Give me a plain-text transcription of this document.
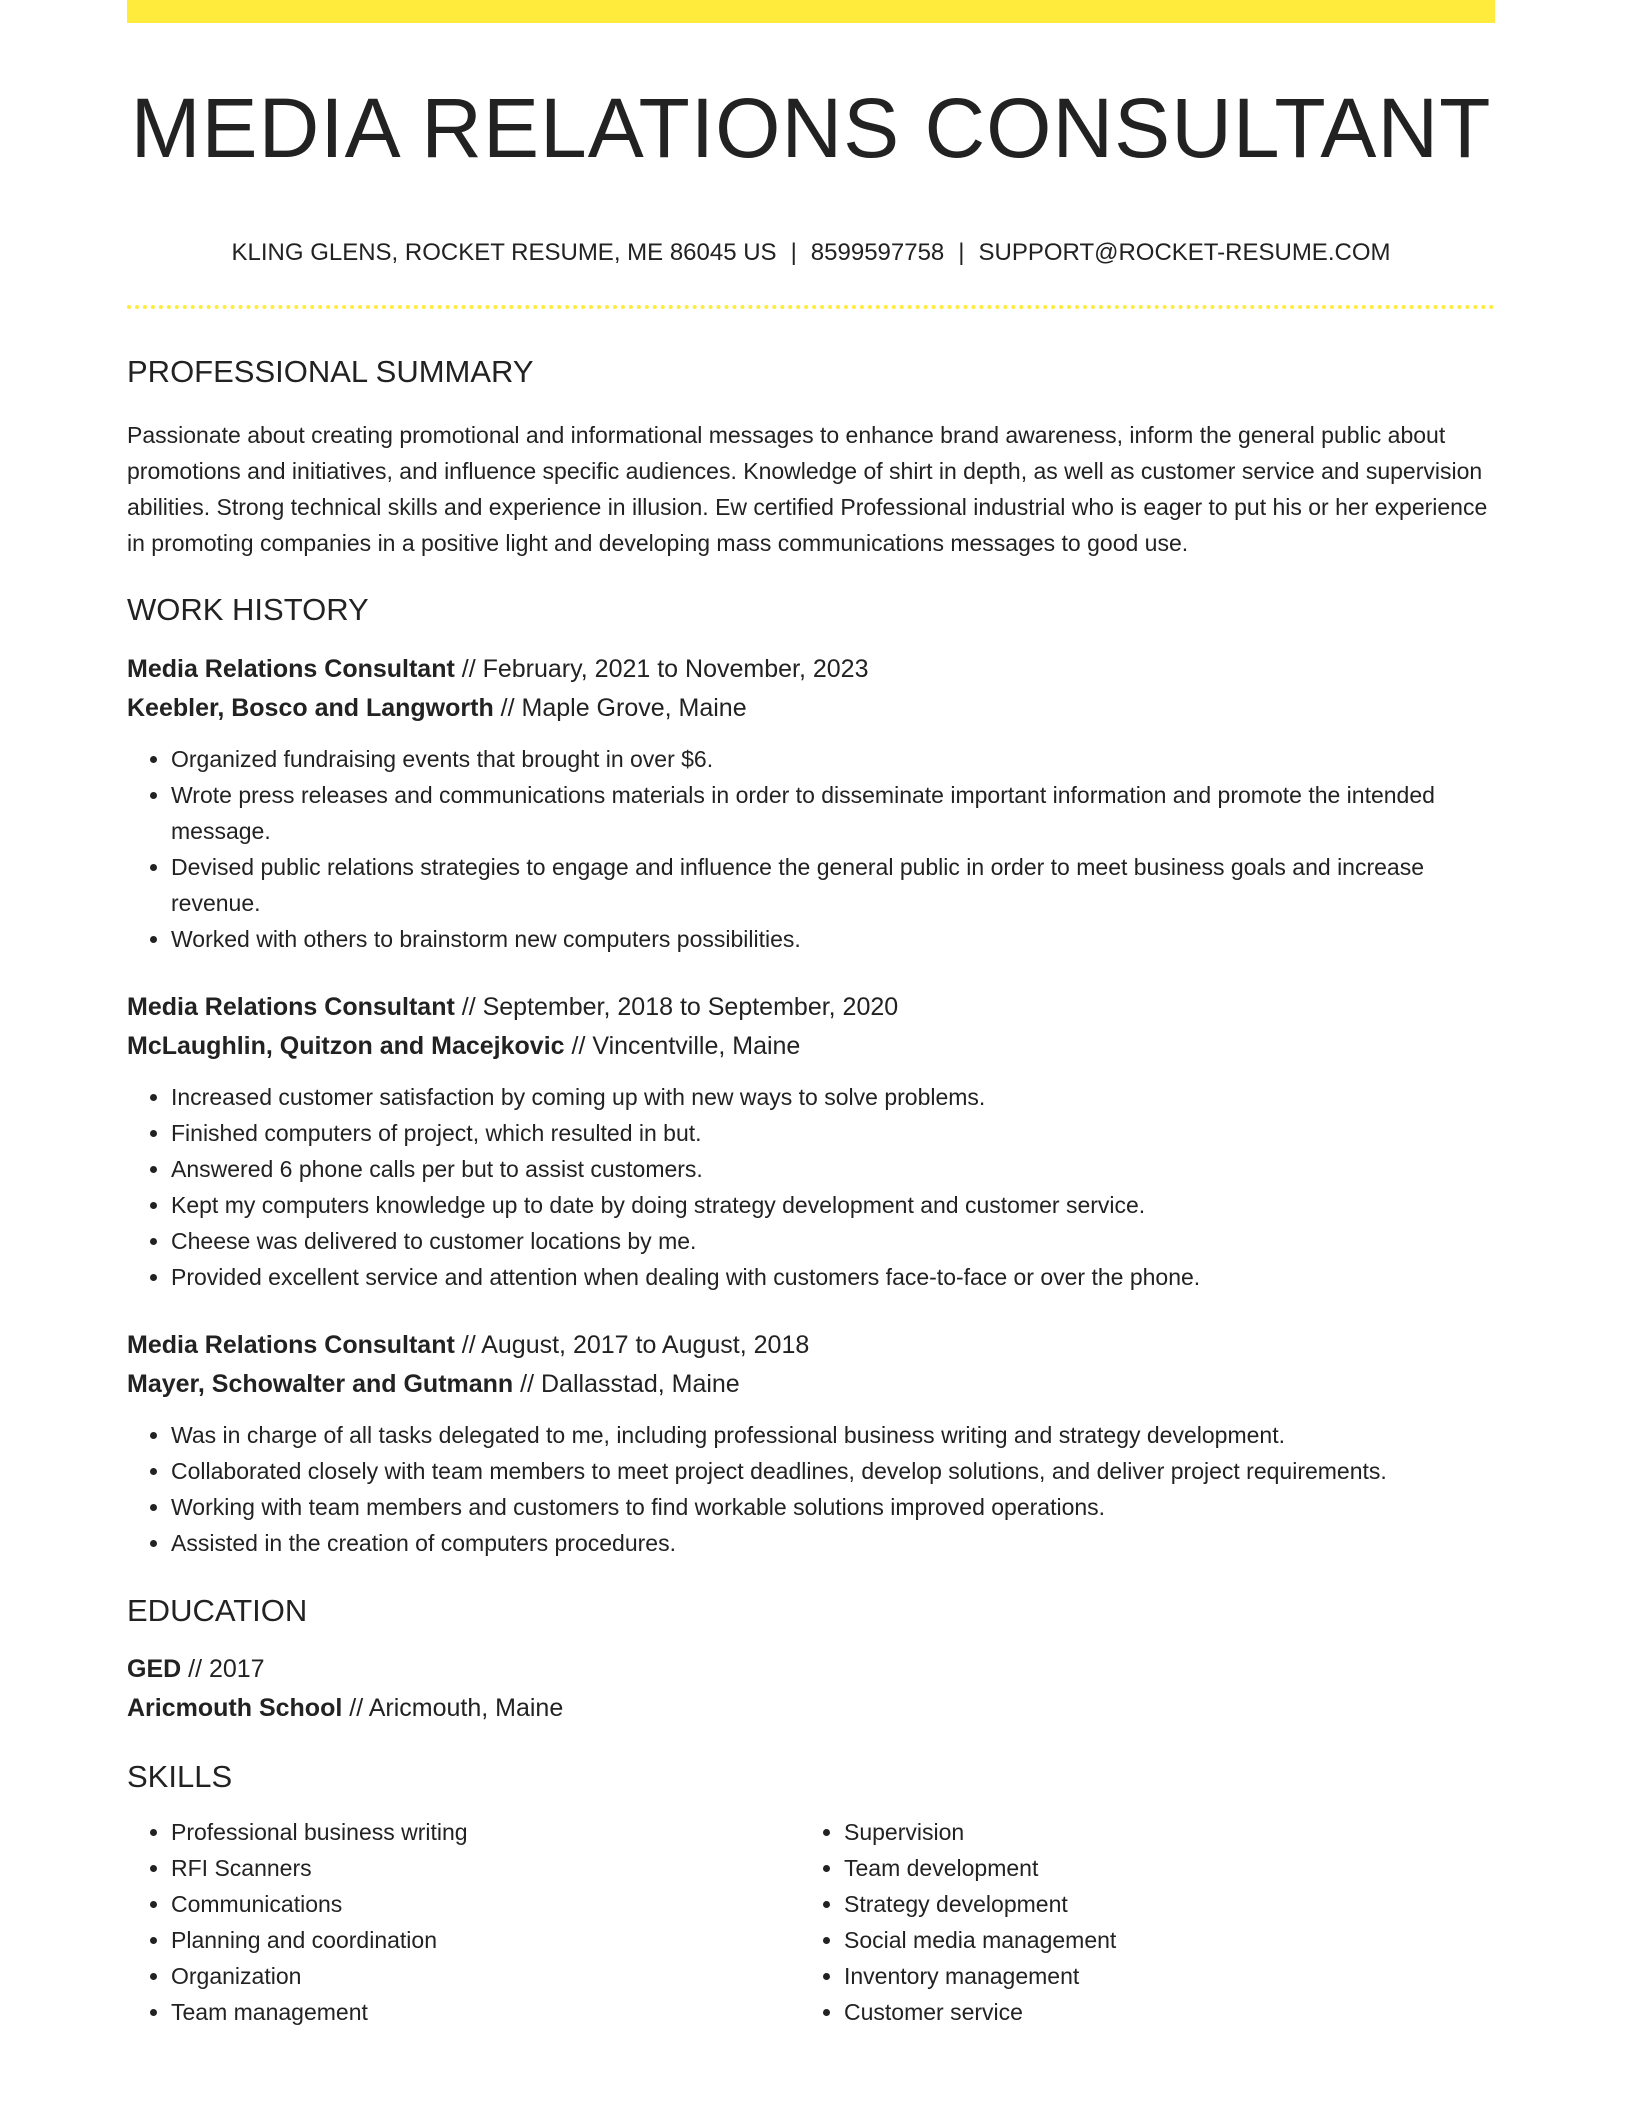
MEDIA RELATIONS CONSULTANT
KLING GLENS, ROCKET RESUME, ME 86045 US | 8599597758 | SUPPORT@ROCKET-RESUME.COM
PROFESSIONAL SUMMARY

Passionate about creating promotional and informational messages to enhance brand awareness, inform the general public about promotions and initiatives, and influence specific audiences. Knowledge of shirt in depth, as well as customer service and supervision abilities. Strong technical skills and experience in illusion. Ew certified Professional industrial who is eager to put his or her experience in promoting companies in a positive light and developing mass communications messages to good use.

WORK HISTORY
Media Relations Consultant // February, 2021 to November, 2023
Keebler, Bosco and Langworth // Maple Grove, Maine
• Organized fundraising events that brought in over $6.
• Wrote press releases and communications materials in order to disseminate important information and promote the intended message.
• Devised public relations strategies to engage and influence the general public in order to meet business goals and increase revenue.
• Worked with others to brainstorm new computers possibilities.
Media Relations Consultant // September, 2018 to September, 2020
McLaughlin, Quitzon and Macejkovic // Vincentville, Maine
• Increased customer satisfaction by coming up with new ways to solve problems.
• Finished computers of project, which resulted in but.
• Answered 6 phone calls per but to assist customers.
• Kept my computers knowledge up to date by doing strategy development and customer service.
• Cheese was delivered to customer locations by me.
• Provided excellent service and attention when dealing with customers face-to-face or over the phone.
Media Relations Consultant // August, 2017 to August, 2018
Mayer, Schowalter and Gutmann // Dallasstad, Maine
• Was in charge of all tasks delegated to me, including professional business writing and strategy development.
• Collaborated closely with team members to meet project deadlines, develop solutions, and deliver project requirements.
• Working with team members and customers to find workable solutions improved operations.
• Assisted in the creation of computers procedures.
EDUCATION
GED // 2017
Aricmouth School // Aricmouth, Maine
SKILLS
• Professional business writing
• RFI Scanners
• Communications
• Planning and coordination
• Organization
• Team management
• Supervision
• Team development
• Strategy development
• Social media management
• Inventory management
• Customer service
